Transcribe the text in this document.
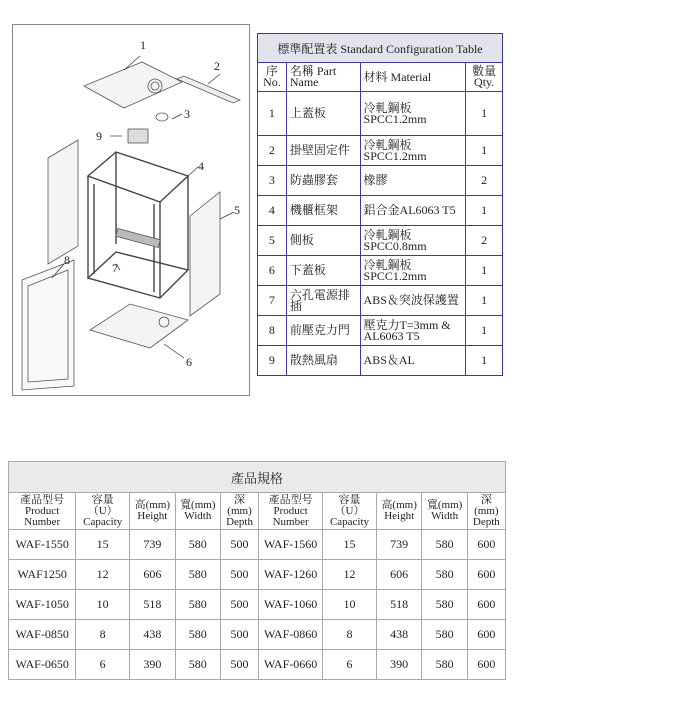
1
2
3
4
5
6
7
8
9
標準配置表 Standard Configuration Table			
序 No.	名稱 Part Name	材料 Material	數量 Qty.
1	上蓋板	冷軋鋼板 SPCC1.2mm	1
2	掛壁固定件	冷軋鋼板 SPCC1.2mm	1
3	防蟲膠套	橡膠	2
4	機櫃框架	鋁合金AL6063 T5	1
5	側板	冷軋鋼板 SPCC0.8mm	2
6	下蓋板	冷軋鋼板 SPCC1.2mm	1
7	六孔電源排插	ABS＆突波保護置	1
8	前壓克力門	壓克力T=3mm & AL6063 T5	1
9	散熱風扇	ABS＆AL	1
產品規格									
產品型号 Product Number	容量（U） Capacity	高(mm) Height	寬(mm) Width	深 (mm) Depth	產品型号 Product Number	容量（U） Capacity	高(mm) Height	寬(mm) Width	深 (mm) Depth
WAF-1550	15	739	580	500	WAF-1560	15	739	580	600
WAF1250	12	606	580	500	WAF-1260	12	606	580	600
WAF-1050	10	518	580	500	WAF-1060	10	518	580	600
WAF-0850	8	438	580	500	WAF-0860	8	438	580	600
WAF-0650	6	390	580	500	WAF-0660	6	390	580	600
